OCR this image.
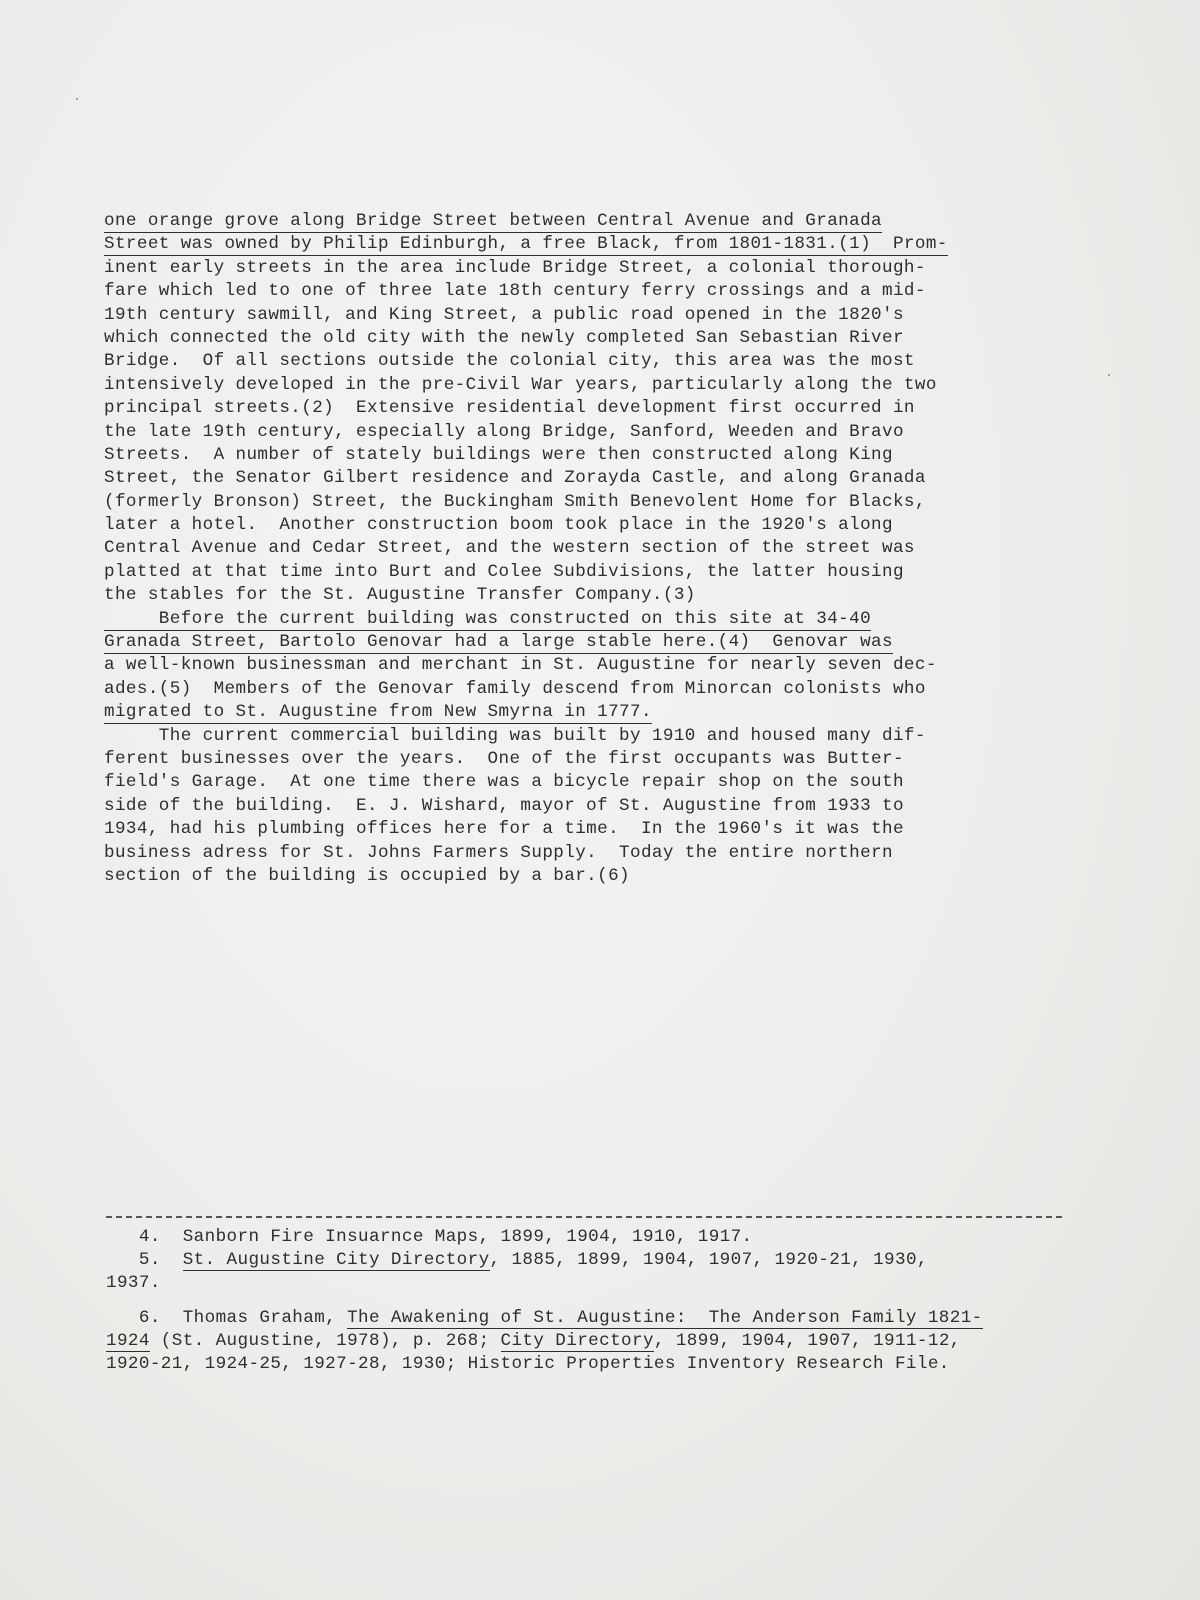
one orange grove along Bridge Street between Central Avenue and Granada
Street was owned by Philip Edinburgh, a free Black, from 1801-1831.(1)  Prom-
inent early streets in the area include Bridge Street, a colonial thorough-
fare which led to one of three late 18th century ferry crossings and a mid-
19th century sawmill, and King Street, a public road opened in the 1820's
which connected the old city with the newly completed San Sebastian River
Bridge.  Of all sections outside the colonial city, this area was the most
intensively developed in the pre-Civil War years, particularly along the two
principal streets.(2)  Extensive residential development first occurred in
the late 19th century, especially along Bridge, Sanford, Weeden and Bravo
Streets.  A number of stately buildings were then constructed along King
Street, the Senator Gilbert residence and Zorayda Castle, and along Granada
(formerly Bronson) Street, the Buckingham Smith Benevolent Home for Blacks,
later a hotel.  Another construction boom took place in the 1920's along
Central Avenue and Cedar Street, and the western section of the street was
platted at that time into Burt and Colee Subdivisions, the latter housing
the stables for the St. Augustine Transfer Company.(3)
Before the current building was constructed on this site at 34-40
Granada Street, Bartolo Genovar had a large stable here.(4)  Genovar was
a well-known businessman and merchant in St. Augustine for nearly seven dec-
ades.(5)  Members of the Genovar family descend from Minorcan colonists who
migrated to St. Augustine from New Smyrna in 1777.
The current commercial building was built by 1910 and housed many dif-
ferent businesses over the years.  One of the first occupants was Butter-
field's Garage.  At one time there was a bicycle repair shop on the south
side of the building.  E. J. Wishard, mayor of St. Augustine from 1933 to
1934, had his plumbing offices here for a time.  In the 1960's it was the
business adress for St. Johns Farmers Supply.  Today the entire northern
section of the building is occupied by a bar.(6)
4.  Sanborn Fire Insuarnce Maps, 1899, 1904, 1910, 1917.
5.  St. Augustine City Directory, 1885, 1899, 1904, 1907, 1920-21, 1930,
1937.
6.  Thomas Graham, The Awakening of St. Augustine:  The Anderson Family 1821-
1924 (St. Augustine, 1978), p. 268; City Directory, 1899, 1904, 1907, 1911-12,
1920-21, 1924-25, 1927-28, 1930; Historic Properties Inventory Research File.
